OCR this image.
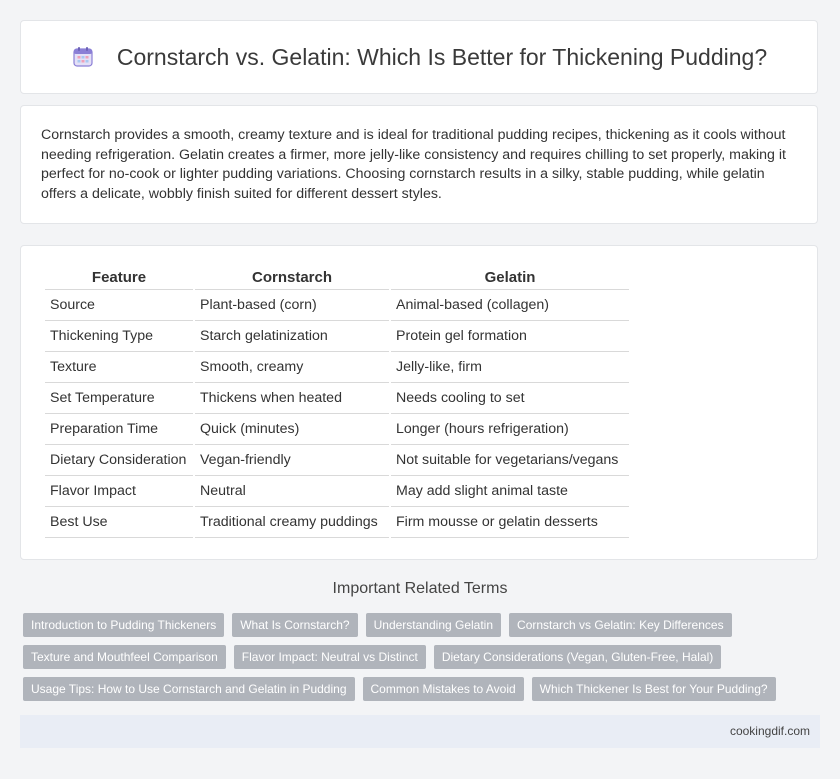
Cornstarch vs. Gelatin: Which Is Better for Thickening Pudding?

Cornstarch provides a smooth, creamy texture and is ideal for traditional pudding recipes, thickening as it cools without needing refrigeration. Gelatin creates a firmer, more jelly-like consistency and requires chilling to set properly, making it perfect for no-cook or lighter pudding variations. Choosing cornstarch results in a silky, stable pudding, while gelatin offers a delicate, wobbly finish suited for different dessert styles.

Feature	Cornstarch	Gelatin
Source	Plant-based (corn)	Animal-based (collagen)
Thickening Type	Starch gelatinization	Protein gel formation
Texture	Smooth, creamy	Jelly-like, firm
Set Temperature	Thickens when heated	Needs cooling to set
Preparation Time	Quick (minutes)	Longer (hours refrigeration)
Dietary Consideration	Vegan-friendly	Not suitable for vegetarians/vegans
Flavor Impact	Neutral	May add slight animal taste
Best Use	Traditional creamy puddings	Firm mousse or gelatin desserts
Important Related Terms
Introduction to Pudding Thickeners	What Is Cornstarch?	Understanding Gelatin	Cornstarch vs Gelatin: Key Differences
Texture and Mouthfeel Comparison	Flavor Impact: Neutral vs Distinct	Dietary Considerations (Vegan, Gluten-Free, Halal)
Usage Tips: How to Use Cornstarch and Gelatin in Pudding	Common Mistakes to Avoid	Which Thickener Is Best for Your Pudding?
cookingdif.com
